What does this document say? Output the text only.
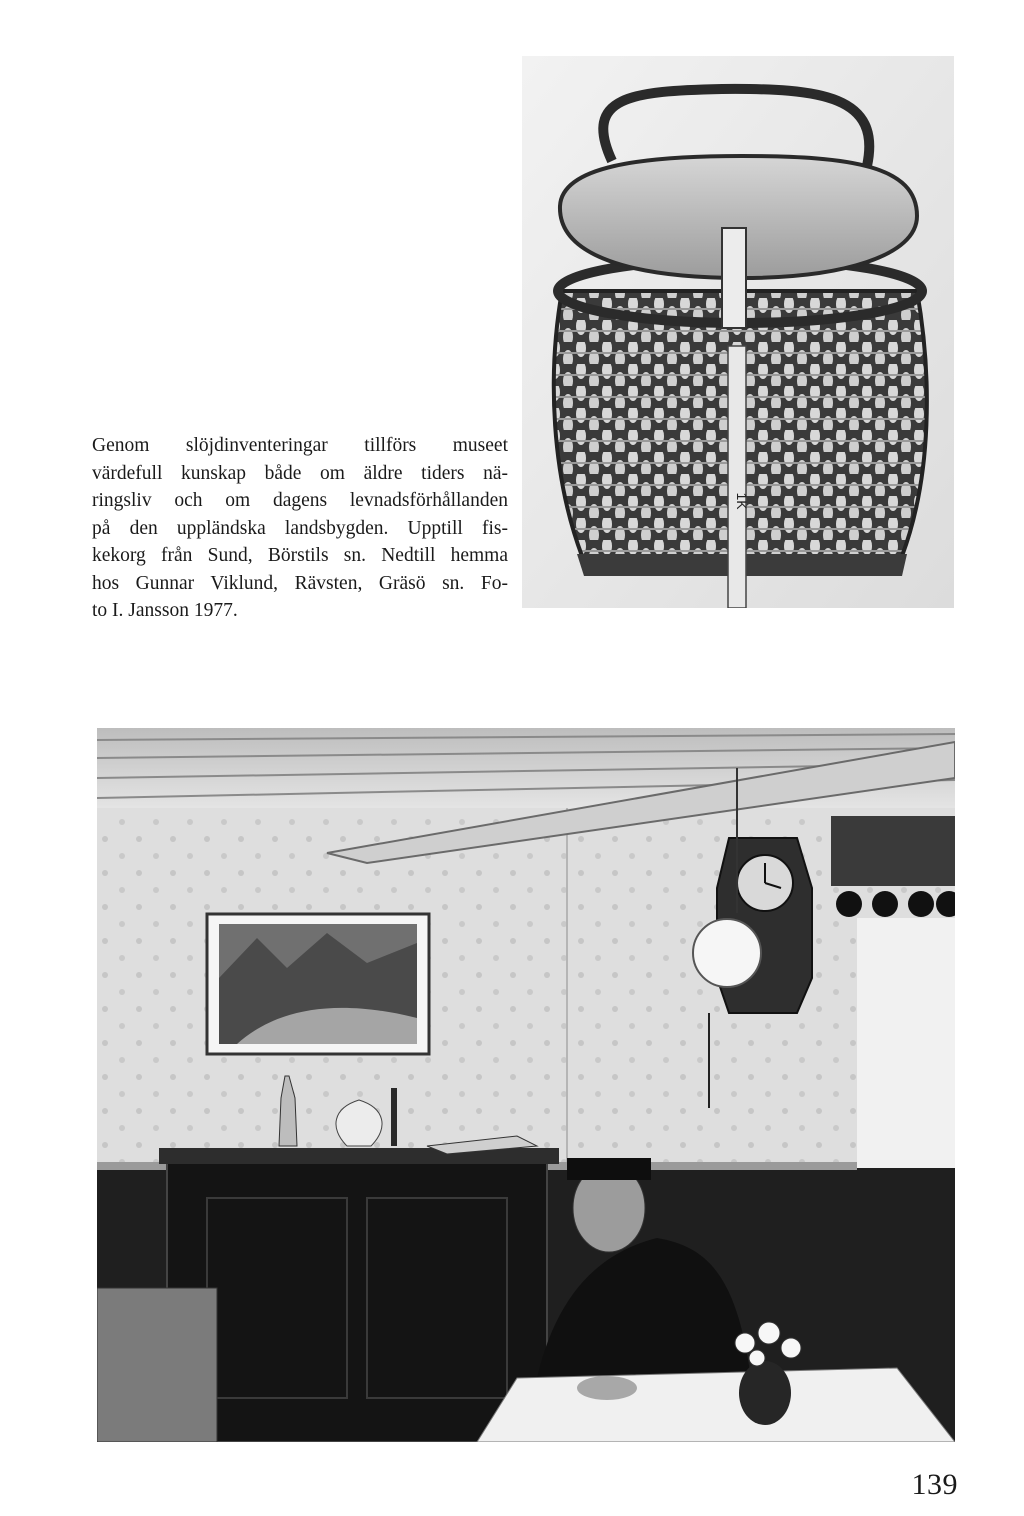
Genom slöjdinventeringar tillförs museet
värdefull kunskap både om äldre tiders nä-
ringsliv och om dagens levnadsförhållanden
på den uppländska landsbygden. Upptill fis-
kekorg från Sund, Börstils sn. Nedtill hemma
hos Gunnar Viklund, Rävsten, Gräsö sn. Fo-
to I. Jansson 1977.

1K

139
